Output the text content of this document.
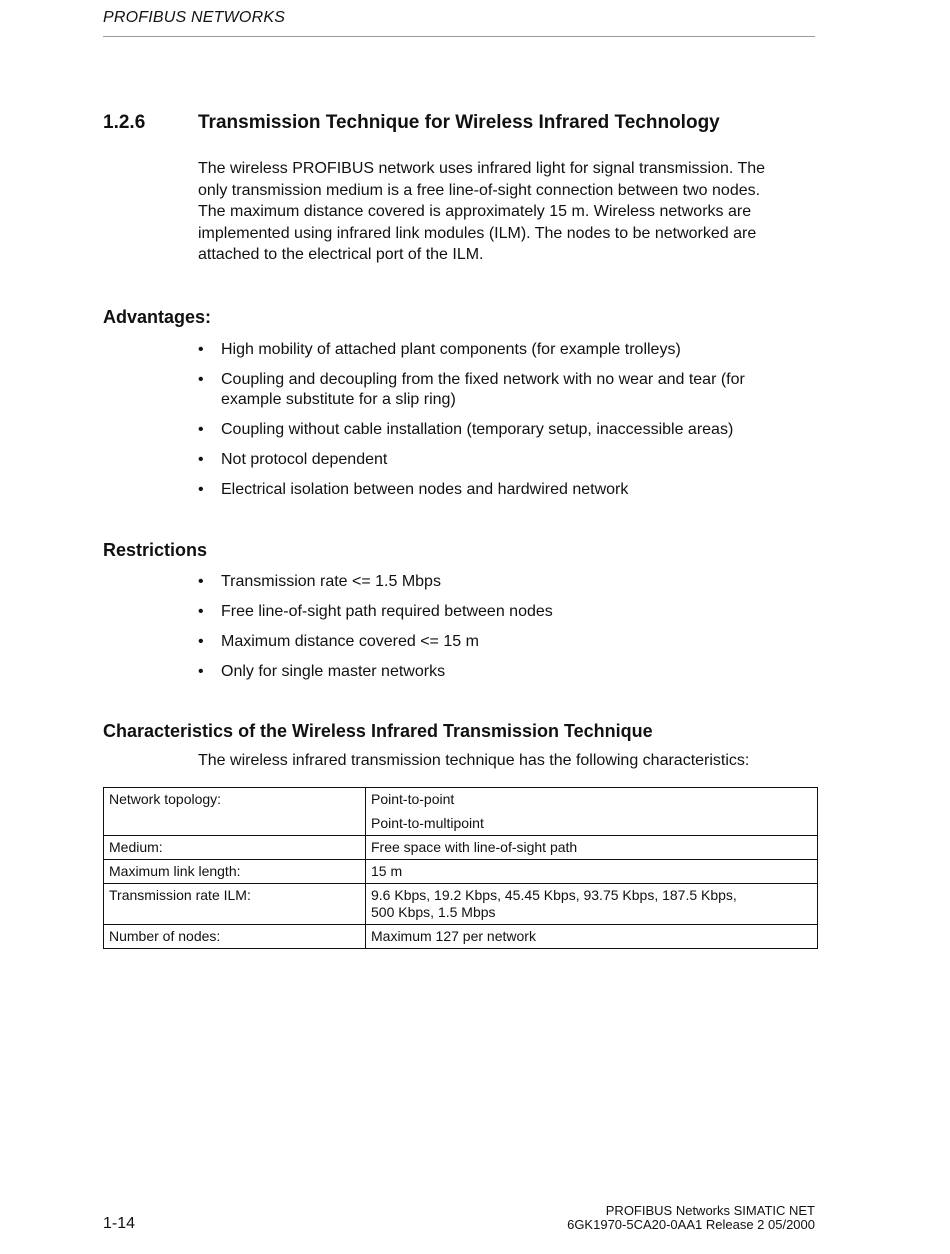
PROFIBUS NETWORKS
1.2.6	Transmission Technique for Wireless Infrared Technology

The wireless PROFIBUS network uses infrared light for signal transmission. The
only transmission medium is a free line-of-sight connection between two nodes.
The maximum distance covered is approximately 15 m. Wireless networks are
implemented using infrared link modules (ILM). The nodes to be networked are
attached to the electrical port of the ILM.

Advantages:
• High mobility of attached plant components (for example trolleys)
• Coupling and decoupling from the fixed network with no wear and tear (for
example substitute for a slip ring)
• Coupling without cable installation (temporary setup, inaccessible areas)
• Not protocol dependent
• Electrical isolation between nodes and hardwired network
Restrictions
• Transmission rate <= 1.5 Mbps
• Free line-of-sight path required between nodes
• Maximum distance covered <= 15 m
• Only for single master networks
Characteristics of the Wireless Infrared Transmission Technique
The wireless infrared transmission technique has the following characteristics:
Network topology:	Point-to-point
Point-to-multipoint

Medium:	Free space with line-of-sight path
Maximum link length:	15 m
Transmission rate ILM:	9.6 Kbps, 19.2 Kbps, 45.45 Kbps, 93.75 Kbps, 187.5 Kbps,
500 Kbps, 1.5 Mbps
Number of nodes:	Maximum 127 per network
PROFIBUS Networks SIMATIC NET
6GK1970-5CA20-0AA1 Release 2 05/2000
1-14
